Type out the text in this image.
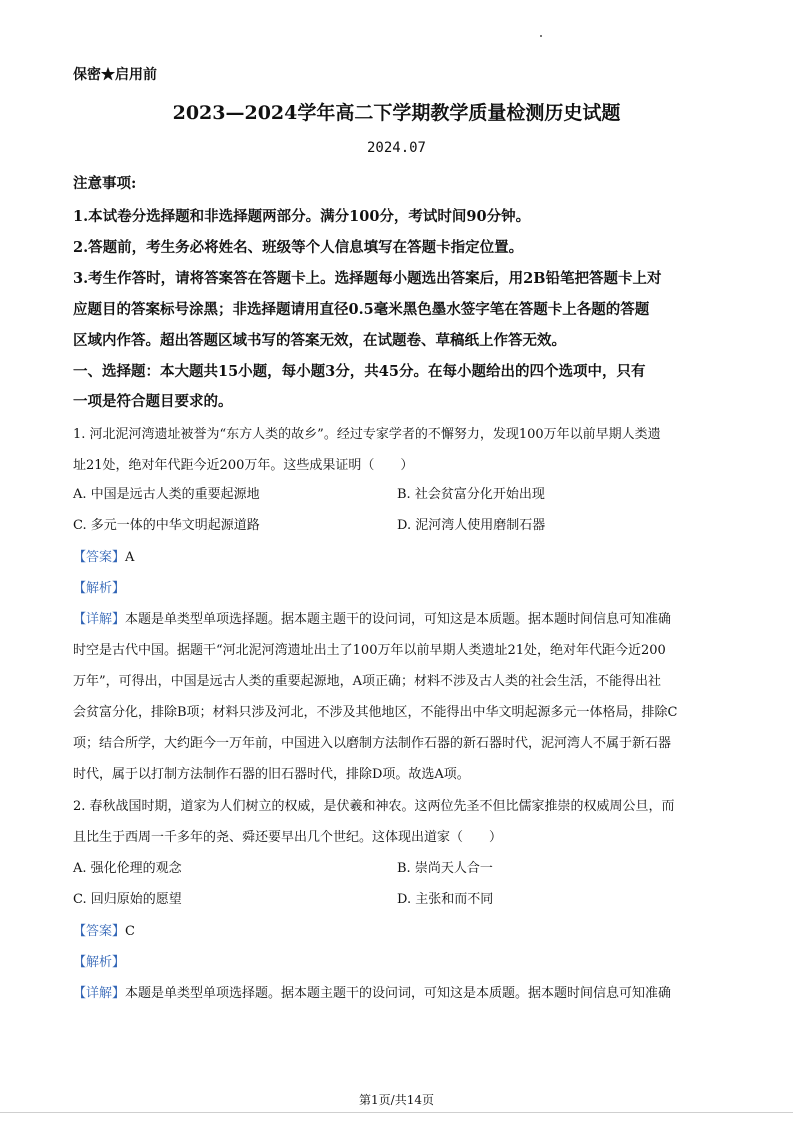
保密★启用前
2023—2024学年高二下学期教学质量检测历史试题
2024.07
注意事项:
1.本试卷分选择题和非选择题两部分。满分100分，考试时间90分钟。
2.答题前，考生务必将姓名、班级等个人信息填写在答题卡指定位置。
3.考生作答时，请将答案答在答题卡上。选择题每小题选出答案后，用2B铅笔把答题卡上对
应题目的答案标号涂黑；非选择题请用直径0.5毫米黑色墨水签字笔在答题卡上各题的答题
区域内作答。超出答题区域书写的答案无效，在试题卷、草稿纸上作答无效。
一、选择题：本大题共15小题，每小题3分，共45分。在每小题给出的四个选项中，只有
一项是符合题目要求的。
1. 河北泥河湾遗址被誉为“东方人类的故乡”。经过专家学者的不懈努力，发现100万年以前早期人类遗
址21处，绝对年代距今近200万年。这些成果证明（　　）
A. 中国是远古人类的重要起源地	B. 社会贫富分化开始出现
C. 多元一体的中华文明起源道路	D. 泥河湾人使用磨制石器
【答案】A
【解析】
【详解】本题是单类型单项选择题。据本题主题干的设问词，可知这是本质题。据本题时间信息可知准确
时空是古代中国。据题干“河北泥河湾遗址出土了100万年以前早期人类遗址21处，绝对年代距今近200
万年”，可得出，中国是远古人类的重要起源地，A项正确；材料不涉及古人类的社会生活，不能得出社
会贫富分化，排除B项；材料只涉及河北，不涉及其他地区，不能得出中华文明起源多元一体格局，排除C
项；结合所学，大约距今一万年前，中国进入以磨制方法制作石器的新石器时代，泥河湾人不属于新石器
时代，属于以打制方法制作石器的旧石器时代，排除D项。故选A项。
2. 春秋战国时期，道家为人们树立的权威，是伏羲和神农。这两位先圣不但比儒家推崇的权威周公旦，而
且比生于西周一千多年的尧、舜还要早出几个世纪。这体现出道家（　　）
A. 强化伦理的观念	B. 崇尚天人合一
C. 回归原始的愿望	D. 主张和而不同
【答案】C
【解析】
【详解】本题是单类型单项选择题。据本题主题干的设问词，可知这是本质题。据本题时间信息可知准确
第1页/共14页
